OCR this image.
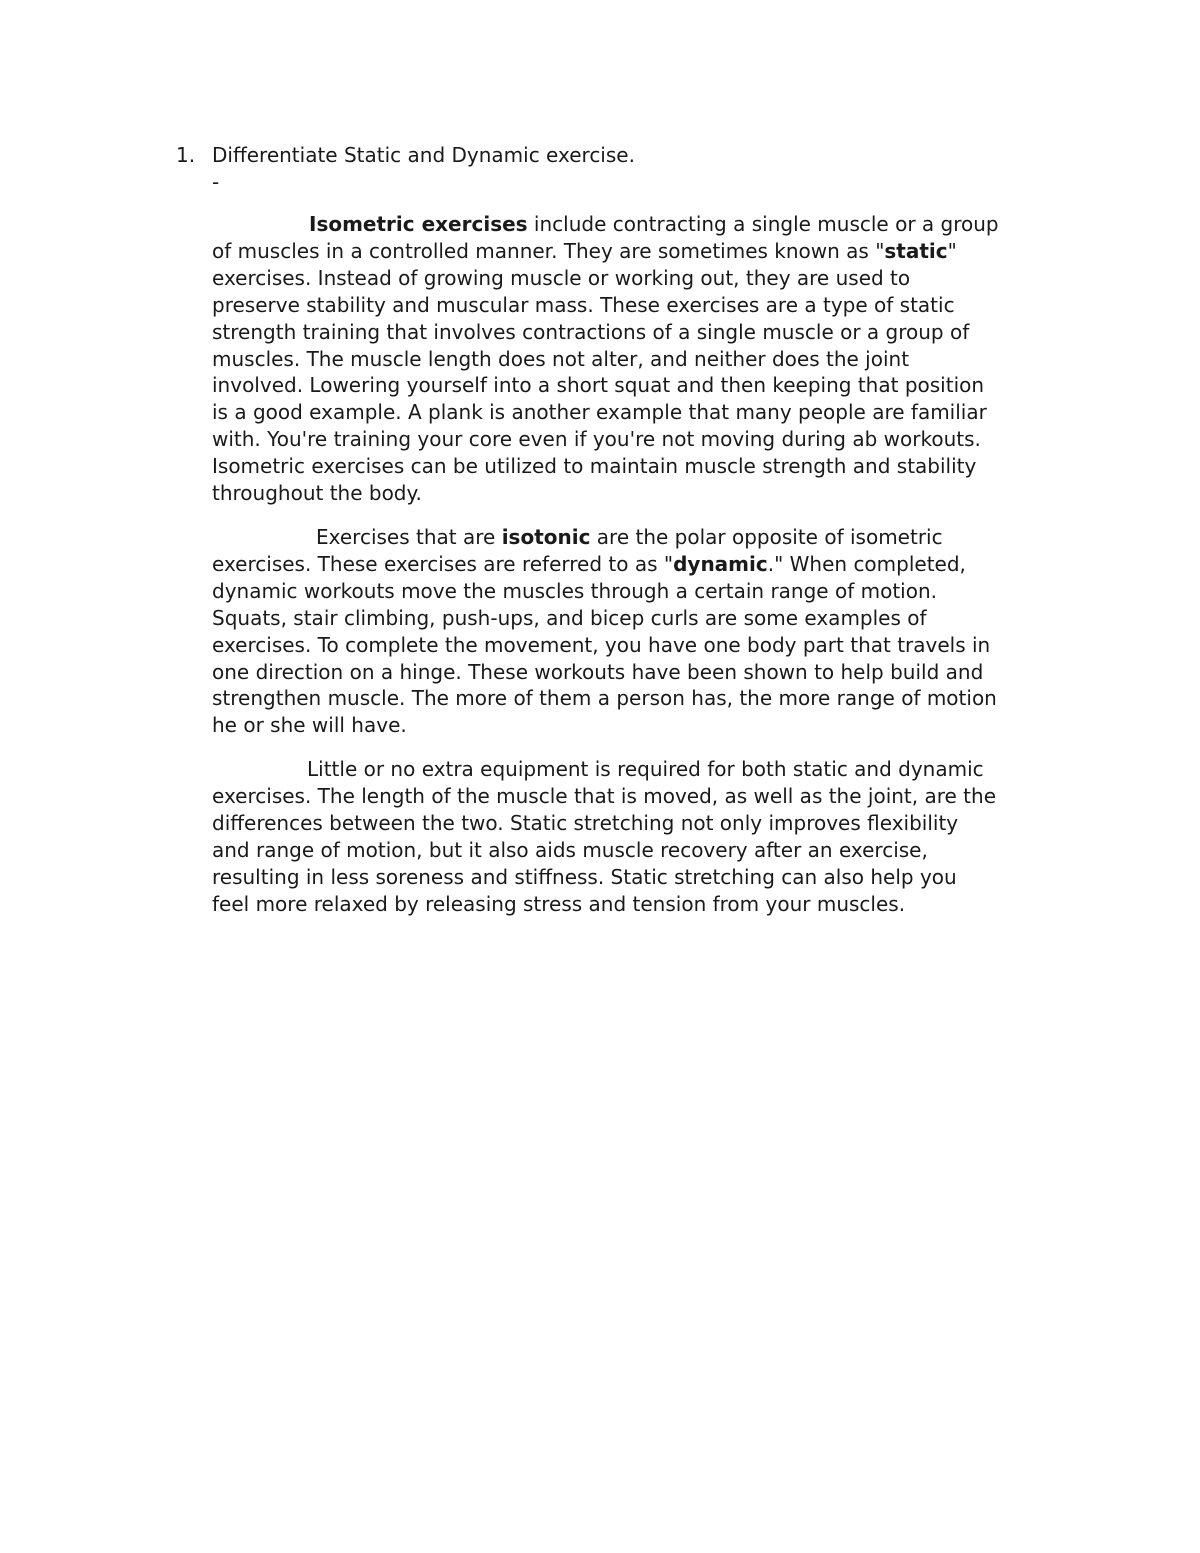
1. Differentiate Static and Dynamic exercise.
-

Isometric exercises include contracting a single muscle or a group
of muscles in a controlled manner. They are sometimes known as "static"
exercises. Instead of growing muscle or working out, they are used to
preserve stability and muscular mass. These exercises are a type of static
strength training that involves contractions of a single muscle or a group of
muscles. The muscle length does not alter, and neither does the joint
involved. Lowering yourself into a short squat and then keeping that position
is a good example. A plank is another example that many people are familiar
with. You're training your core even if you're not moving during ab workouts.
Isometric exercises can be utilized to maintain muscle strength and stability
throughout the body.

Exercises that are isotonic are the polar opposite of isometric
exercises. These exercises are referred to as "dynamic." When completed,
dynamic workouts move the muscles through a certain range of motion.
Squats, stair climbing, push-ups, and bicep curls are some examples of
exercises. To complete the movement, you have one body part that travels in
one direction on a hinge. These workouts have been shown to help build and
strengthen muscle. The more of them a person has, the more range of motion
he or she will have.

Little or no extra equipment is required for both static and dynamic
exercises. The length of the muscle that is moved, as well as the joint, are the
differences between the two. Static stretching not only improves flexibility
and range of motion, but it also aids muscle recovery after an exercise,
resulting in less soreness and stiffness. Static stretching can also help you
feel more relaxed by releasing stress and tension from your muscles.
